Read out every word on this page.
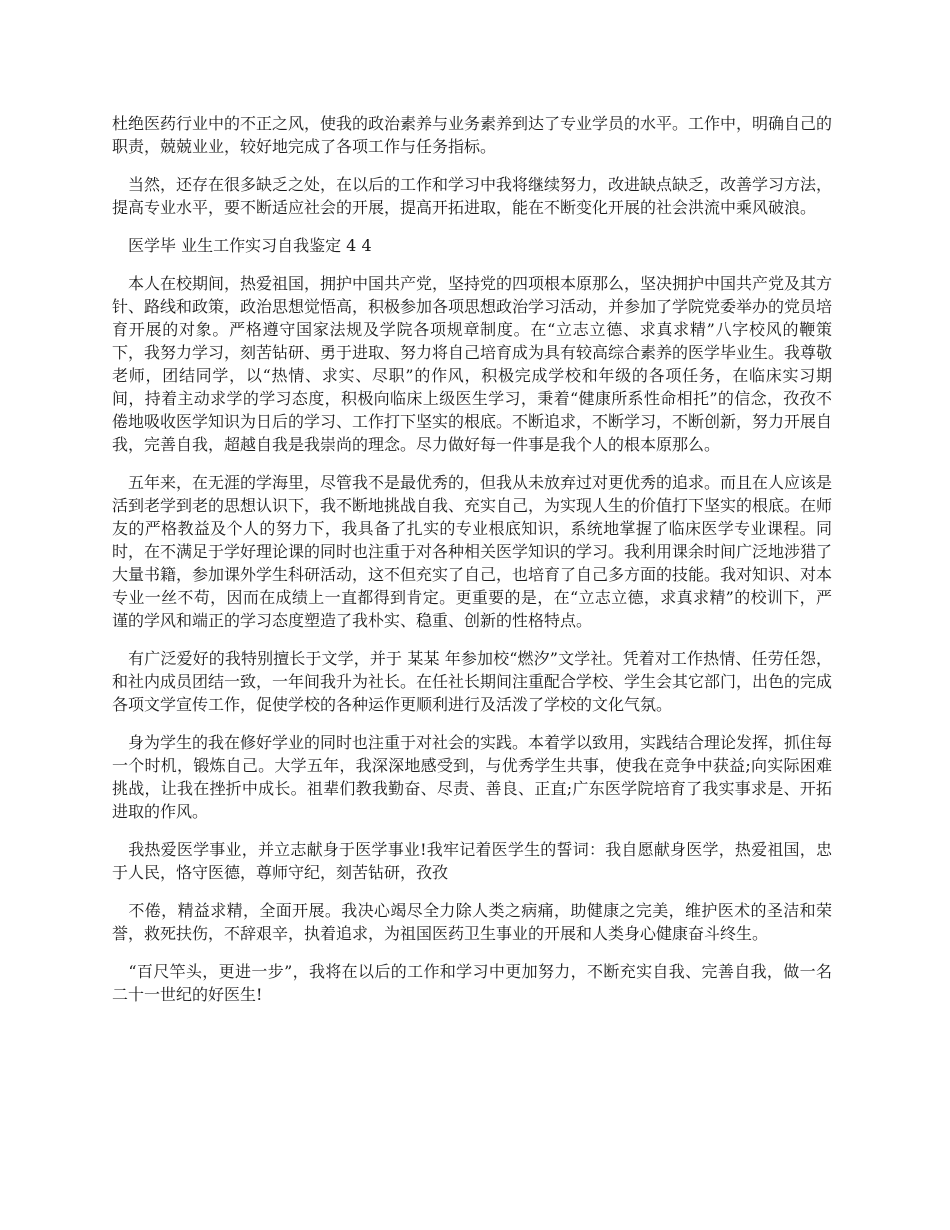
杜绝医药行业中的不正之风，使我的政治素养与业务素养到达了专业学员的水平。工作中，明确自己的职责，兢兢业业，较好地完成了各项工作与任务指标。

　当然，还存在很多缺乏之处，在以后的工作和学习中我将继续努力，改进缺点缺乏，改善学习方法，提高专业水平，要不断适应社会的开展，提高开拓进取，能在不断变化开展的社会洪流中乘风破浪。

　医学毕 业生工作实习自我鉴定 4 4

　本人在校期间，热爱祖国，拥护中国共产党，坚持党的四项根本原那么，坚决拥护中国共产党及其方针、路线和政策，政治思想觉悟高，积极参加各项思想政治学习活动，并参加了学院党委举办的党员培育开展的对象。严格遵守国家法规及学院各项规章制度。在“立志立德、求真求精”八字校风的鞭策下，我努力学习，刻苦钻研、勇于进取、努力将自己培育成为具有较高综合素养的医学毕业生。我尊敬老师，团结同学，以“热情、求实、尽职”的作风，积极完成学校和年级的各项任务，在临床实习期间，持着主动求学的学习态度，积极向临床上级医生学习，秉着“健康所系性命相托”的信念，孜孜不倦地吸收医学知识为日后的学习、工作打下坚实的根底。不断追求，不断学习，不断创新，努力开展自我，完善自我，超越自我是我崇尚的理念。尽力做好每一件事是我个人的根本原那么。

　五年来，在无涯的学海里，尽管我不是最优秀的，但我从未放弃过对更优秀的追求。而且在人应该是活到老学到老的思想认识下，我不断地挑战自我、充实自己，为实现人生的价值打下坚实的根底。在师友的严格教益及个人的努力下，我具备了扎实的专业根底知识，系统地掌握了临床医学专业课程。同时，在不满足于学好理论课的同时也注重于对各种相关医学知识的学习。我利用课余时间广泛地涉猎了大量书籍，参加课外学生科研活动，这不但充实了自己，也培育了自己多方面的技能。我对知识、对本专业一丝不苟，因而在成绩上一直都得到肯定。更重要的是，在“立志立德，求真求精”的校训下，严谨的学风和端正的学习态度塑造了我朴实、稳重、创新的性格特点。

　有广泛爱好的我特别擅长于文学，并于 某某 年参加校“燃汐”文学社。凭着对工作热情、任劳任怨，和社内成员团结一致，一年间我升为社长。在任社长期间注重配合学校、学生会其它部门，出色的完成各项文学宣传工作，促使学校的各种运作更顺利进行及活泼了学校的文化气氛。

　身为学生的我在修好学业的同时也注重于对社会的实践。本着学以致用，实践结合理论发挥，抓住每一个时机，锻炼自己。大学五年，我深深地感受到，与优秀学生共事，使我在竞争中获益;向实际困难挑战，让我在挫折中成长。祖辈们教我勤奋、尽责、善良、正直;广东医学院培育了我实事求是、开拓进取的作风。

　我热爱医学事业，并立志献身于医学事业!我牢记着医学生的誓词：我自愿献身医学，热爱祖国，忠于人民，恪守医德，尊师守纪，刻苦钻研，孜孜

　不倦，精益求精，全面开展。我决心竭尽全力除人类之病痛，助健康之完美，维护医术的圣洁和荣誉，救死扶伤，不辞艰辛，执着追求，为祖国医药卫生事业的开展和人类身心健康奋斗终生。

　“百尺竿头，更进一步”，我将在以后的工作和学习中更加努力，不断充实自我、完善自我，做一名二十一世纪的好医生!
